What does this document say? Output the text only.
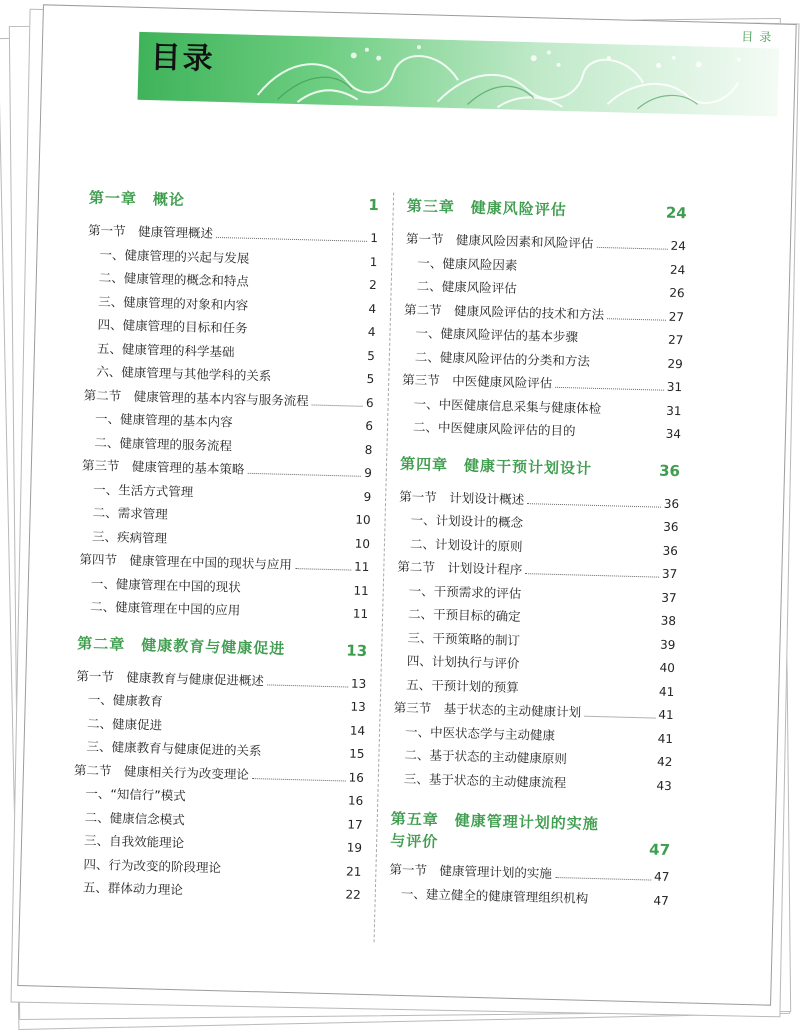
目录
目录
第一章　概论	1
第一节　健康管理概述	1
一、健康管理的兴起与发展	1
二、健康管理的概念和特点	2
三、健康管理的对象和内容	4
四、健康管理的目标和任务	4
五、健康管理的科学基础	5
六、健康管理与其他学科的关系	5
第二节　健康管理的基本内容与服务流程	6
一、健康管理的基本内容	6
二、健康管理的服务流程	8
第三节　健康管理的基本策略	9
一、生活方式管理	9
二、需求管理	10
三、疾病管理	10
第四节　健康管理在中国的现状与应用	11
一、健康管理在中国的现状	11
二、健康管理在中国的应用	11
第二章　健康教育与健康促进	13
第一节　健康教育与健康促进概述	13
一、健康教育	13
二、健康促进	14
三、健康教育与健康促进的关系	15
第二节　健康相关行为改变理论	16
一、“知信行”模式	16
二、健康信念模式	17
三、自我效能理论	19
四、行为改变的阶段理论	21
五、群体动力理论	22
第三章　健康风险评估	24
第一节　健康风险因素和风险评估	24
一、健康风险因素	24
二、健康风险评估	26
第二节　健康风险评估的技术和方法	27
一、健康风险评估的基本步骤	27
二、健康风险评估的分类和方法	29
第三节　中医健康风险评估	31
一、中医健康信息采集与健康体检	31
二、中医健康风险评估的目的	34
第四章　健康干预计划设计	36
第一节　计划设计概述	36
一、计划设计的概念	36
二、计划设计的原则	36
第二节　计划设计程序	37
一、干预需求的评估	37
二、干预目标的确定	38
三、干预策略的制订	39
四、计划执行与评价	40
五、干预计划的预算	41
第三节　基于状态的主动健康计划	41
一、中医状态学与主动健康	41
二、基于状态的主动健康原则	42
三、基于状态的主动健康流程	43
第五章　健康管理计划的实施与评价	47
第一节　健康管理计划的实施	47
一、建立健全的健康管理组织机构	47
